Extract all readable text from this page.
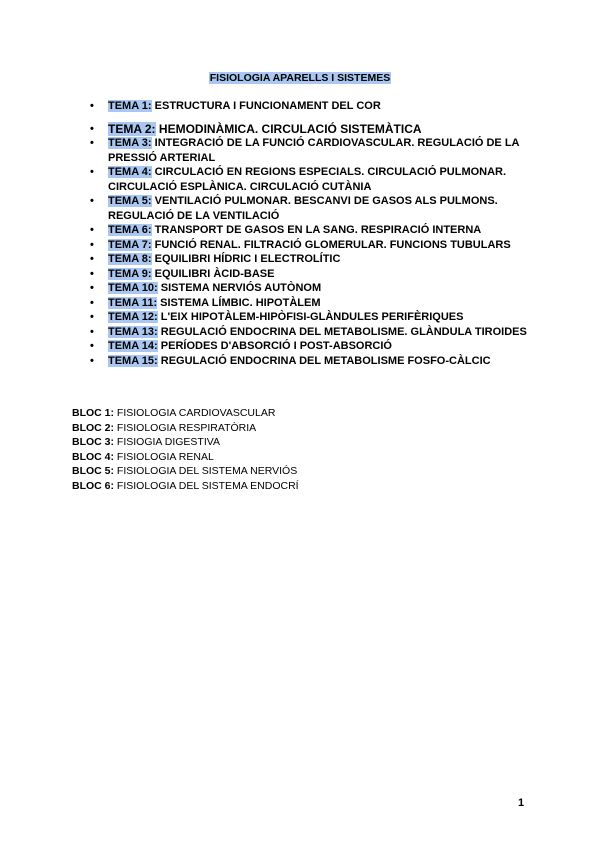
FISIOLOGIA APARELLS I SISTEMES
• TEMA 1: ESTRUCTURA I FUNCIONAMENT DEL COR
• TEMA 2: HEMODINÀMICA. CIRCULACIÓ SISTEMÀTICA
• TEMA 3: INTEGRACIÓ DE LA FUNCIÓ CARDIOVASCULAR. REGULACIÓ DE LA PRESSIÓ ARTERIAL
• TEMA 4: CIRCULACIÓ EN REGIONS ESPECIALS. CIRCULACIÓ PULMONAR. CIRCULACIÓ ESPLÀNICA. CIRCULACIÓ CUTÀNIA
• TEMA 5: VENTILACIÓ PULMONAR. BESCANVI DE GASOS ALS PULMONS. REGULACIÓ DE LA VENTILACIÓ
• TEMA 6: TRANSPORT DE GASOS EN LA SANG. RESPIRACIÓ INTERNA
• TEMA 7: FUNCIÓ RENAL. FILTRACIÓ GLOMERULAR. FUNCIONS TUBULARS
• TEMA 8: EQUILIBRI HÍDRIC I ELECTROLÍTIC
• TEMA 9: EQUILIBRI ÀCID-BASE
• TEMA 10: SISTEMA NERVIÓS AUTÒNOM
• TEMA 11: SISTEMA LÍMBIC. HIPOTÀLEM
• TEMA 12: L'EIX HIPOTÀLEM-HIPÒFISI-GLÀNDULES PERIFÈRIQUES
• TEMA 13: REGULACIÓ ENDOCRINA DEL METABOLISME. GLÀNDULA TIROIDES
• TEMA 14: PERÍODES D'ABSORCIÓ I POST-ABSORCIÓ
• TEMA 15: REGULACIÓ ENDOCRINA DEL METABOLISME FOSFO-CÀLCIC
BLOC 1: FISIOLOGIA CARDIOVASCULAR
BLOC 2: FISIOLOGIA RESPIRATÒRIA
BLOC 3: FISIOGIA DIGESTIVA
BLOC 4: FISIOLOGIA RENAL
BLOC 5: FISIOLOGIA DEL SISTEMA NERVIÓS
BLOC 6: FISIOLOGIA DEL SISTEMA ENDOCRÍ
1
